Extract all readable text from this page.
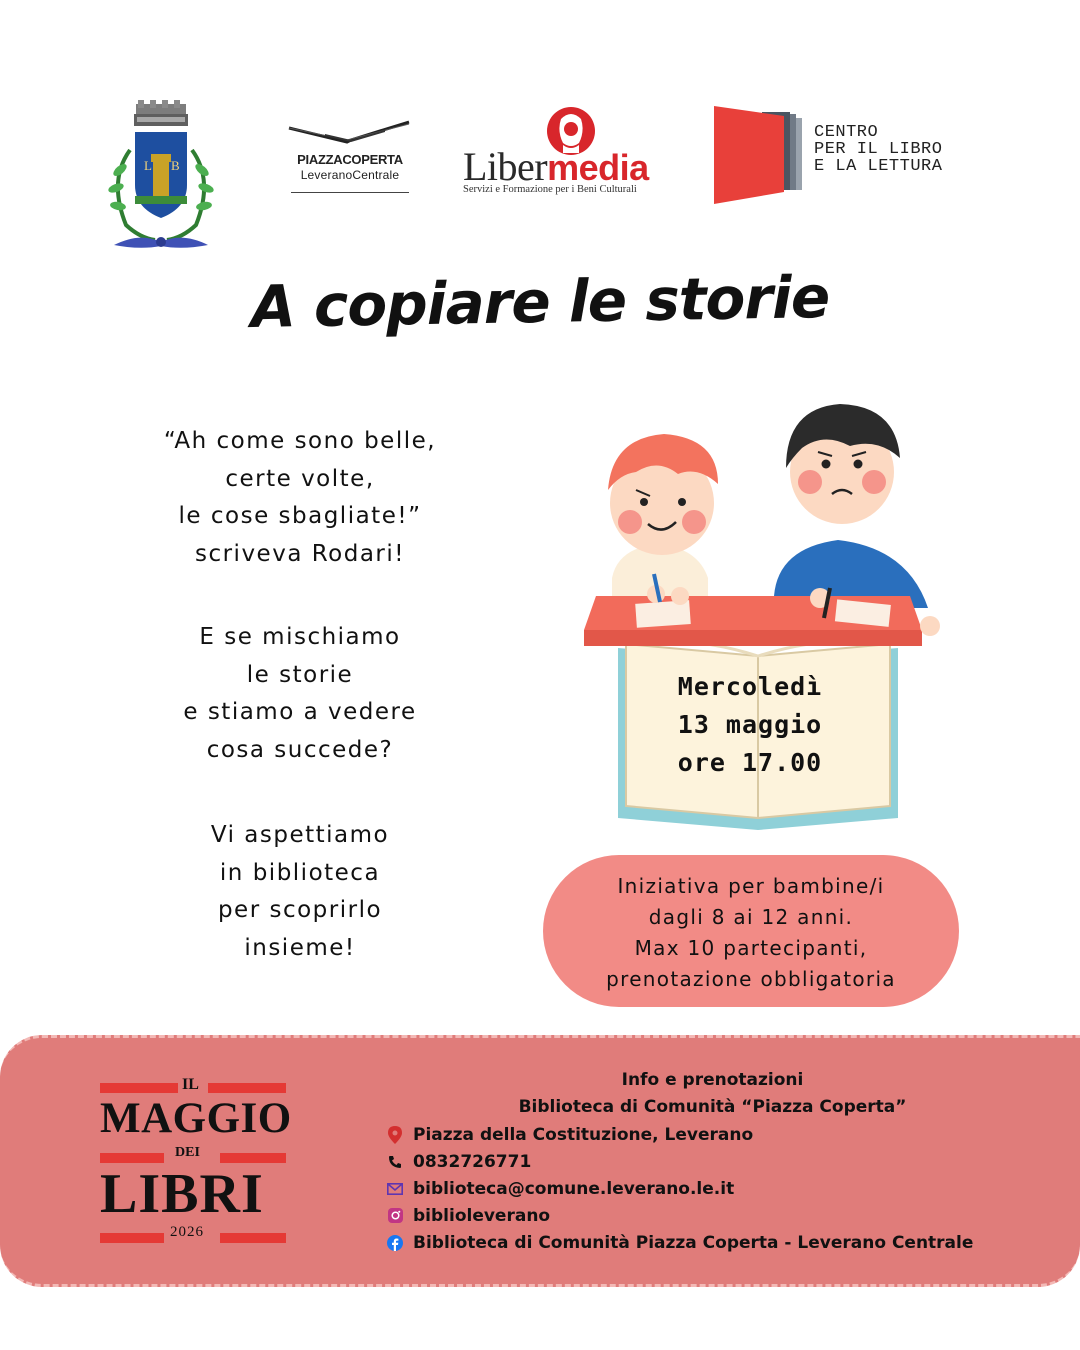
L B	PIAZZACOPERTA
LeveranoCentrale	Libermedia
Servizi e Formazione per i Beni Culturali
CENTRO
PER IL LIBRO
E LA LETTURA
A copiare le storie
“Ah come sono belle,
certe volte,
le cose sbagliate!”
scriveva Rodari!
E se mischiamo
le storie
e stiamo a vedere
cosa succede?
Vi aspettiamo
in biblioteca
per scoprirlo
insieme!
Mercoledì
13 maggio
ore 17.00
Iniziativa per bambine/i
dagli 8 ai 12 anni.
Max 10 partecipanti,
prenotazione obbligatoria
IL
MAGGIO
DEI
LIBRI
2026
Info e prenotazioni
Biblioteca di Comunità “Piazza Coperta”
Piazza della Costituzione, Leverano
0832726771
biblioteca@comune.leverano.le.it
biblioleverano
Biblioteca di Comunità Piazza Coperta - Leverano Centrale
